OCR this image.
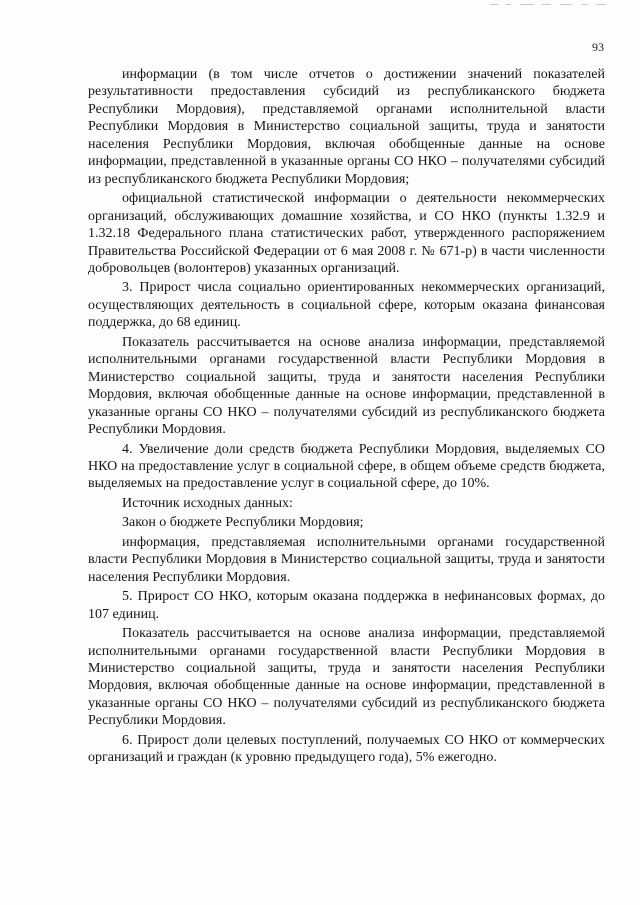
93

информации (в том числе отчетов о достижении значений показателей результативности предоставления субсидий из республиканского бюджета Республики Мордовия), представляемой органами исполнительной власти Республики Мордовия в Министерство социальной защиты, труда и занятости населения Республики Мордовия, включая обобщенные данные на основе информации, представленной в указанные органы СО НКО – получателями субсидий из республиканского бюджета Республики Мордовия;

официальной статистической информации о деятельности некоммерческих организаций, обслуживающих домашние хозяйства, и СО НКО (пункты 1.32.9 и 1.32.18 Федерального плана статистических работ, утвержденного распоряжением Правительства Российской Федерации от 6 мая 2008 г. № 671-р) в части численности добровольцев (волонтеров) указанных организаций.

3. Прирост числа социально ориентированных некоммерческих организаций, осуществляющих деятельность в социальной сфере, которым оказана финансовая поддержка, до 68 единиц.

Показатель рассчитывается на основе анализа информации, представляемой исполнительными органами государственной власти Республики Мордовия в Министерство социальной защиты, труда и занятости населения Республики Мордовия, включая обобщенные данные на основе информации, представленной в указанные органы СО НКО – получателями субсидий из республиканского бюджета Республики Мордовия.

4. Увеличение доли средств бюджета Республики Мордовия, выделяемых СО НКО на предоставление услуг в социальной сфере, в общем объеме средств бюджета, выделяемых на предоставление услуг в социальной сфере, до 10%.

Источник исходных данных:

Закон о бюджете Республики Мордовия;

информация, представляемая исполнительными органами государственной власти Республики Мордовия в Министерство социальной защиты, труда и занятости населения Республики Мордовия.

5. Прирост СО НКО, которым оказана поддержка в нефинансовых формах, до 107 единиц.

Показатель рассчитывается на основе анализа информации, представляемой исполнительными органами государственной власти Республики Мордовия в Министерство социальной защиты, труда и занятости населения Республики Мордовия, включая обобщенные данные на основе информации, представленной в указанные органы СО НКО – получателями субсидий из республиканского бюджета Республики Мордовия.

6. Прирост доли целевых поступлений, получаемых СО НКО от коммерческих организаций и граждан (к уровню предыдущего года), 5% ежегодно.
